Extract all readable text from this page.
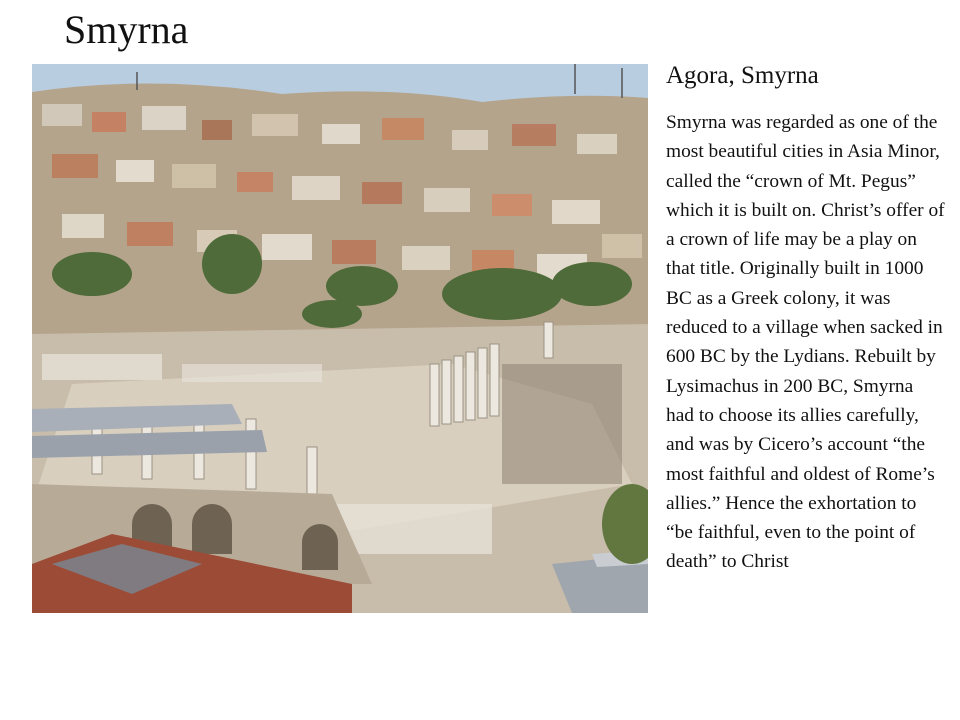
Smyrna
Agora, Smyrna

Smyrna was regarded as one of the most beautiful cities in Asia Minor, called the “crown of Mt. Pegus” which it is built on. Christ’s offer of a crown of life may be a play on that title. Originally built in 1000 BC as a Greek colony, it was reduced to a village when sacked in 600 BC by the Lydians. Rebuilt by Lysimachus in 200 BC, Smyrna had to choose its allies carefully, and was by Cicero’s account “the most faithful and oldest of Rome’s allies.” Hence the exhortation to “be faithful, even to the point of death” to Christ
